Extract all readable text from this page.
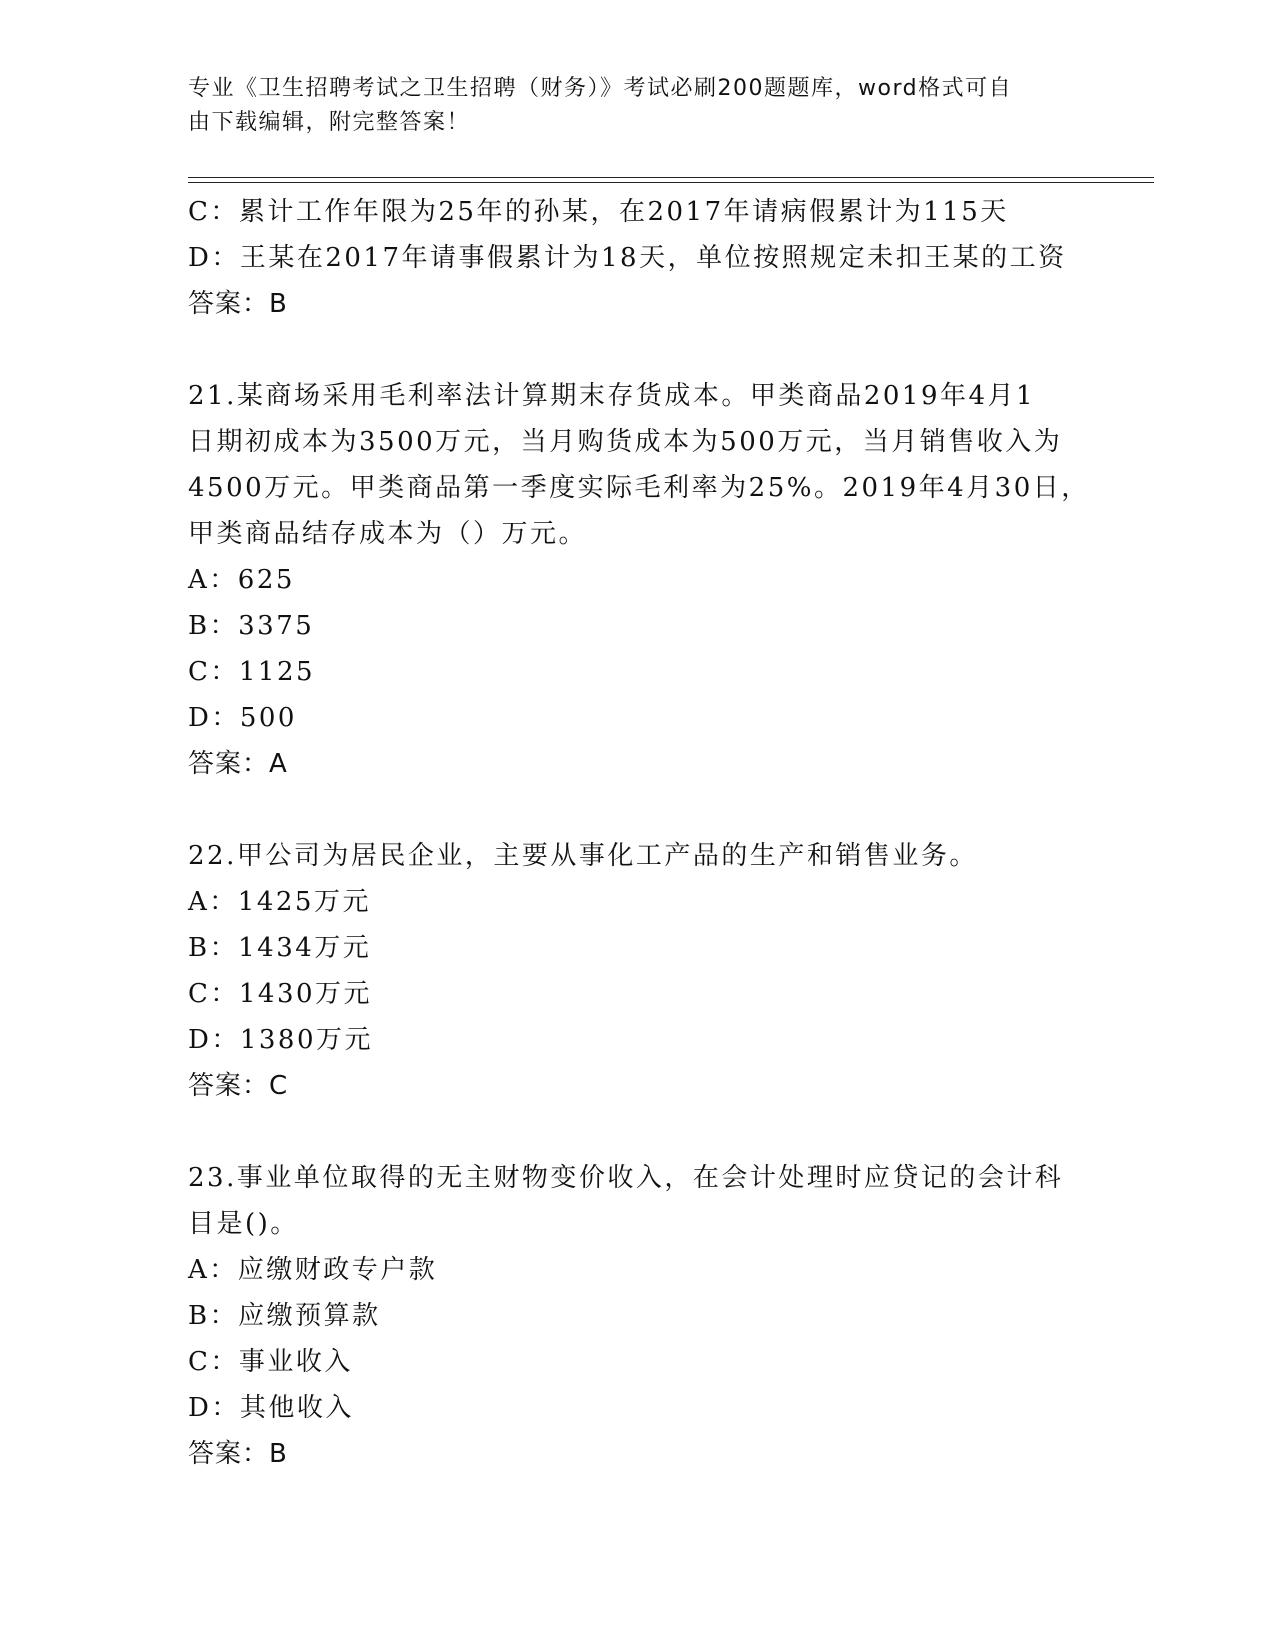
专业《卫生招聘考试之卫生招聘（财务）》考试必刷200题题库，word格式可自
由下载编辑，附完整答案！
C：累计工作年限为25年的孙某，在2017年请病假累计为115天
D：王某在2017年请事假累计为18天，单位按照规定未扣王某的工资
答案：B
21.某商场采用毛利率法计算期末存货成本。甲类商品2019年4月1
日期初成本为3500万元，当月购货成本为500万元，当月销售收入为
4500万元。甲类商品第一季度实际毛利率为25%。2019年4月30日，
甲类商品结存成本为（）万元。
A：625
B：3375
C：1125
D：500
答案：A
22.甲公司为居民企业，主要从事化工产品的生产和销售业务。
A：1425万元
B：1434万元
C：1430万元
D：1380万元
答案：C
23.事业单位取得的无主财物变价收入，在会计处理时应贷记的会计科
目是()。
A：应缴财政专户款
B：应缴预算款
C：事业收入
D：其他收入
答案：B
